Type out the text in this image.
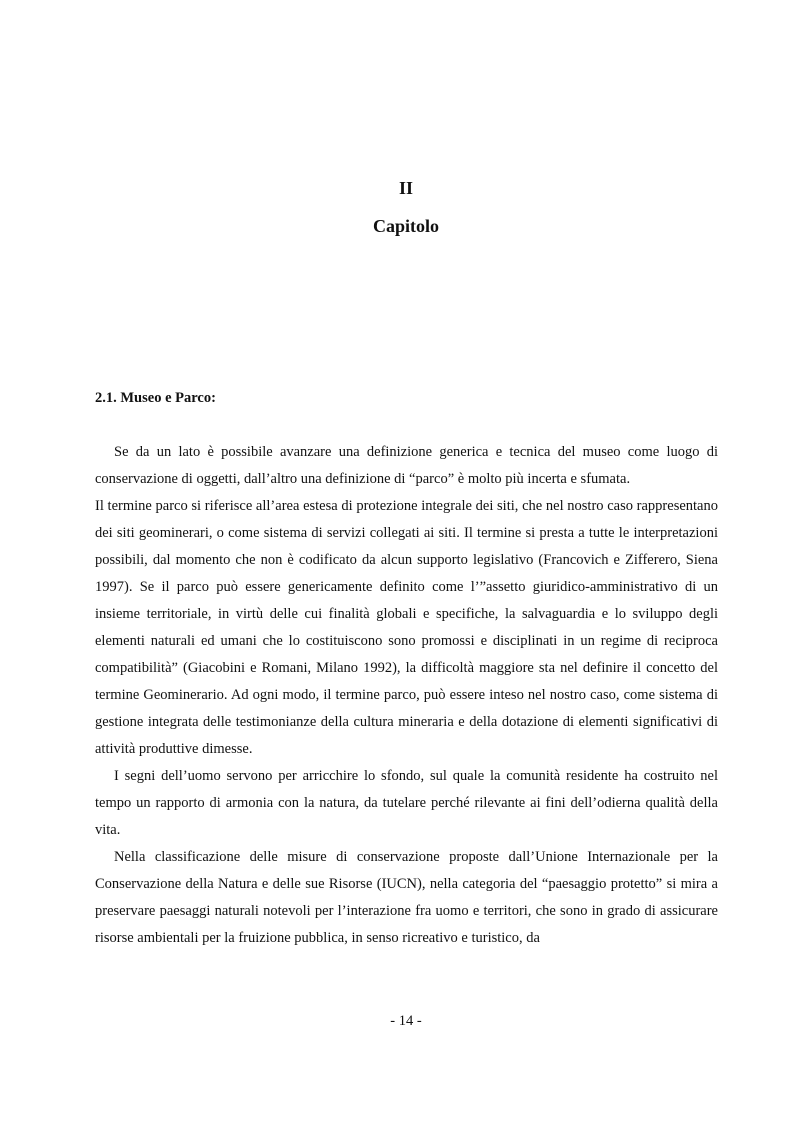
II
Capitolo
2.1. Museo e Parco:

Se da un lato è possibile avanzare una definizione generica e tecnica del museo come luogo di conservazione di oggetti, dall’altro una definizione di “parco” è molto più incerta e sfumata.

Il termine parco si riferisce all’area estesa di protezione integrale dei siti, che nel nostro caso rappresentano dei siti geominerari, o come sistema di servizi collegati ai siti. Il termine si presta a tutte le interpretazioni possibili, dal momento che non è codificato da alcun supporto legislativo (Francovich e Zifferero, Siena 1997). Se il parco può essere genericamente definito come l’”assetto giuridico-amministrativo di un insieme territoriale, in virtù delle cui finalità globali e specifiche, la salvaguardia e lo sviluppo degli elementi naturali ed umani che lo costituiscono sono promossi e disciplinati in un regime di reciproca compatibilità” (Giacobini e Romani, Milano 1992), la difficoltà maggiore sta nel definire il concetto del termine Geominerario. Ad ogni modo, il termine parco, può essere inteso nel nostro caso, come sistema di gestione integrata delle testimonianze della cultura mineraria e della dotazione di elementi significativi di attività produttive dimesse.

I segni dell’uomo servono per arricchire lo sfondo, sul quale la comunità residente ha costruito nel tempo un rapporto di armonia con la natura, da tutelare perché rilevante ai fini dell’odierna qualità della vita.

Nella classificazione delle misure di conservazione proposte dall’Unione Internazionale per la Conservazione della Natura e delle sue Risorse (IUCN), nella categoria del “paesaggio protetto” si mira a preservare paesaggi naturali notevoli per l’interazione fra uomo e territori, che sono in grado di assicurare risorse ambientali per la fruizione pubblica, in senso ricreativo e turistico, da

- 14 -
